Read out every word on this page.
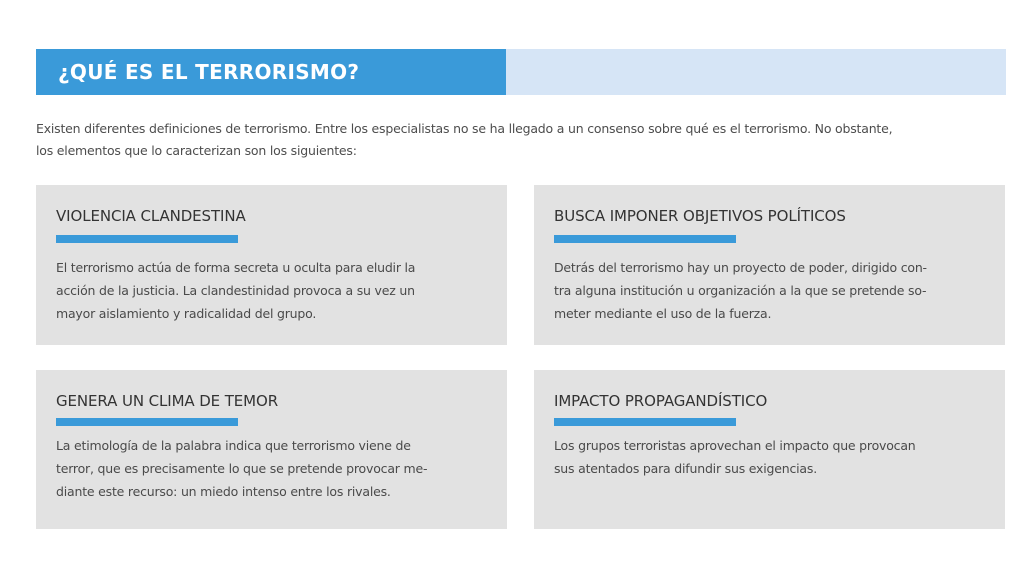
¿QUÉ ES EL TERRORISMO?
Existen diferentes definiciones de terrorismo. Entre los especialistas no se ha llegado a un consenso sobre qué es el terrorismo. No obstante,
los elementos que lo caracterizan son los siguientes:
VIOLENCIA CLANDESTINA
El terrorismo actúa de forma secreta u oculta para eludir la
acción de la justicia. La clandestinidad provoca a su vez un
mayor aislamiento y radicalidad del grupo.
BUSCA IMPONER OBJETIVOS POLÍTICOS
Detrás del terrorismo hay un proyecto de poder, dirigido con-
tra alguna institución u organización a la que se pretende so-
meter mediante el uso de la fuerza.
GENERA UN CLIMA DE TEMOR
La etimología de la palabra indica que terrorismo viene de
terror, que es precisamente lo que se pretende provocar me-
diante este recurso: un miedo intenso entre los rivales.
IMPACTO PROPAGANDÍSTICO
Los grupos terroristas aprovechan el impacto que provocan
sus atentados para difundir sus exigencias.
